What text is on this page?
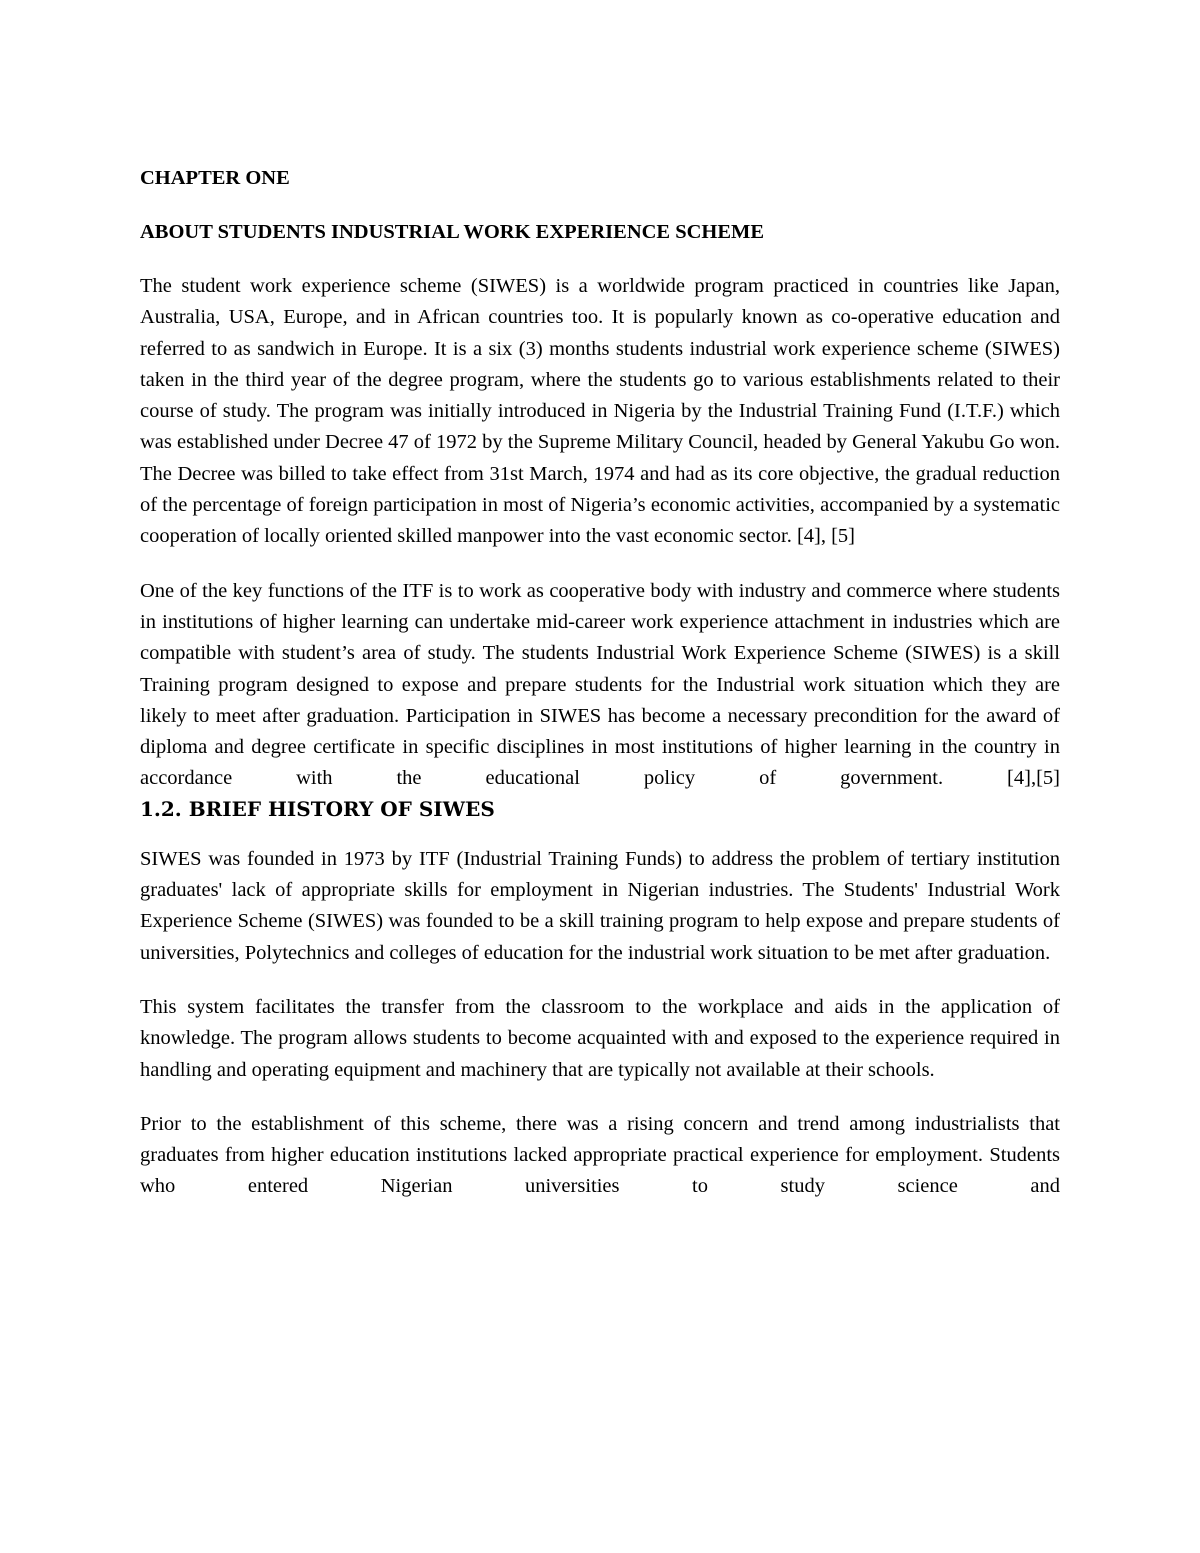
CHAPTER ONE
ABOUT STUDENTS INDUSTRIAL WORK EXPERIENCE SCHEME

The student work experience scheme (SIWES) is a worldwide program practiced in countries like Japan, Australia, USA, Europe, and in African countries too. It is popularly known as co-operative education and referred to as sandwich in Europe. It is a six (3) months students industrial work experience scheme (SIWES) taken in the third year of the degree program, where the students go to various establishments related to their course of study. The program was initially introduced in Nigeria by the Industrial Training Fund (I.T.F.) which was established under Decree 47 of 1972 by the Supreme Military Council, headed by General Yakubu Go won. The Decree was billed to take effect from 31st March, 1974 and had as its core objective, the gradual reduction of the percentage of foreign participation in most of Nigeria’s economic activities, accompanied by a systematic cooperation of locally oriented skilled manpower into the vast economic sector. [4], [5]

One of the key functions of the ITF is to work as cooperative body with industry and commerce where students in institutions of higher learning can undertake mid-career work experience attachment in industries which are compatible with student’s area of study. The students Industrial Work Experience Scheme (SIWES) is a skill Training program designed to expose and prepare students for the Industrial work situation which they are likely to meet after graduation. Participation in SIWES has become a necessary precondition for the award of diploma and degree certificate in specific disciplines in most institutions of higher learning in the country in accordance with the educational policy of government. [4],[5]

1.2. BRIEF HISTORY OF SIWES

SIWES was founded in 1973 by ITF (Industrial Training Funds) to address the problem of tertiary institution graduates' lack of appropriate skills for employment in Nigerian industries. The Students' Industrial Work Experience Scheme (SIWES) was founded to be a skill training program to help expose and prepare students of universities, Polytechnics and colleges of education for the industrial work situation to be met after graduation.

This system facilitates the transfer from the classroom to the workplace and aids in the application of knowledge. The program allows students to become acquainted with and exposed to the experience required in handling and operating equipment and machinery that are typically not available at their schools.

Prior to the establishment of this scheme, there was a rising concern and trend among industrialists that graduates from higher education institutions lacked appropriate practical experience for employment. Students who entered Nigerian universities to study science and
